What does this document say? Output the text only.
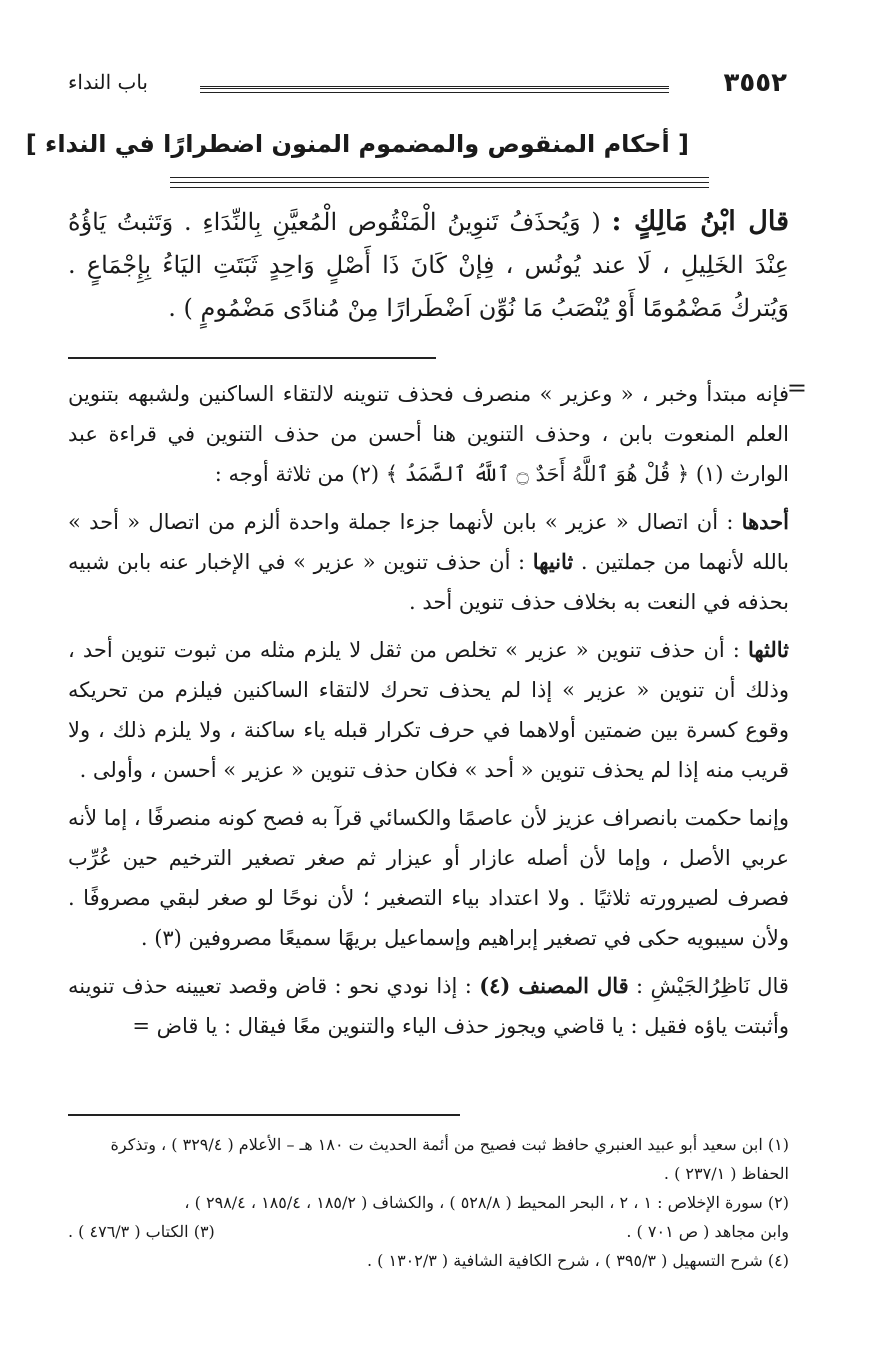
٣٥٥٢
باب النداء
[ أحكام المنقوص والمضموم المنون اضطرارًا في النداء ]
قال ابْنُ مَالِكٍ : ( وَيُحذَفُ تَنوِينُ الْمَنْقُوص الْمُعيَّنِ بِالنِّدَاءِ . وَتَثبتُ يَاؤُهُ عِنْدَ الخَلِيلِ ، لَا عند يُونُس ، فِإنْ كَانَ ذَا أَصْلٍ وَاحِدٍ ثَبَتَتِ اليَاءُ بِإِجْمَاعٍ . وَيُتركُ مَضْمُومًا أَوْ يُنْصَبُ مَا نُوِّن اَضْطَرارًا مِنْ مُنادًى مَضْمُومٍ ) .
=

فإنه مبتدأ وخبر ، « وعزير » منصرف فحذف تنوينه لالتقاء الساكنين ولشبهه بتنوين العلم المنعوت بابن ، وحذف التنوين هنا أحسن من حذف التنوين في قراءة عبد الوارث (١) ﴿ قُلْ هُوَ ٱللَّهُ أَحَدٌ ۝ ٱللَّهُ ٱلصَّمَدُ ﴾ (٢) من ثلاثة أوجه :

أحدها : أن اتصال « عزير » بابن لأنهما جزءا جملة واحدة ألزم من اتصال « أحد » بالله لأنهما من جملتين . ثانيها : أن حذف تنوين « عزير » في الإخبار عنه بابن شبيه بحذفه في النعت به بخلاف حذف تنوين أحد .

ثالثها : أن حذف تنوين « عزير » تخلص من ثقل لا يلزم مثله من ثبوت تنوين أحد ، وذلك أن تنوين « عزير » إذا لم يحذف تحرك لالتقاء الساكنين فيلزم من تحريكه وقوع كسرة بين ضمتين أولاهما في حرف تكرار قبله ياء ساكنة ، ولا يلزم ذلك ، ولا قريب منه إذا لم يحذف تنوين « أحد » فكان حذف تنوين « عزير » أحسن ، وأولى .

وإنما حكمت بانصراف عزيز لأن عاصمًا والكسائي قرآ به فصح كونه منصرفًا ، إما لأنه عربي الأصل ، وإما لأن أصله عازار أو عيزار ثم صغر تصغير الترخيم حين عُرِّب فصرف لصيرورته ثلاثيًا . ولا اعتداد بياء التصغير ؛ لأن نوحًا لو صغر لبقي مصروفًا . ولأن سيبويه حكى في تصغير إبراهيم وإسماعيل بريهًا سميعًا مصروفين (٣) .

قال نَاظِرُالجَيْشِ : قال المصنف (٤) : إذا نودي نحو : قاض وقصد تعيينه حذف تنوينه وأثبتت ياؤه فقيل : يا قاضي ويجوز حذف الياء والتنوين معًا فيقال : يا قاض =

(١) ابن سعيد أبو عبيد العنبري حافظ ثبت فصيح من أئمة الحديث ت ١٨٠ هـ – الأعلام ( ٣٢٩/٤ ) ، وتذكرة الحفاظ ( ٢٣٧/١ ) .

(٢) سورة الإخلاص : ١ ، ٢ ، البحر المحيط ( ٥٢٨/٨ ) ، والكشاف ( ١٨٥/٢ ، ١٨٥/٤ ، ٢٩٨/٤ ) ،

وابن مجاهد ( ص ٧٠١ ) .
(٣) الكتاب ( ٤٧٦/٣ ) .

(٤) شرح التسهيل ( ٣٩٥/٣ ) ، شرح الكافية الشافية ( ١٣٠٢/٣ ) .
